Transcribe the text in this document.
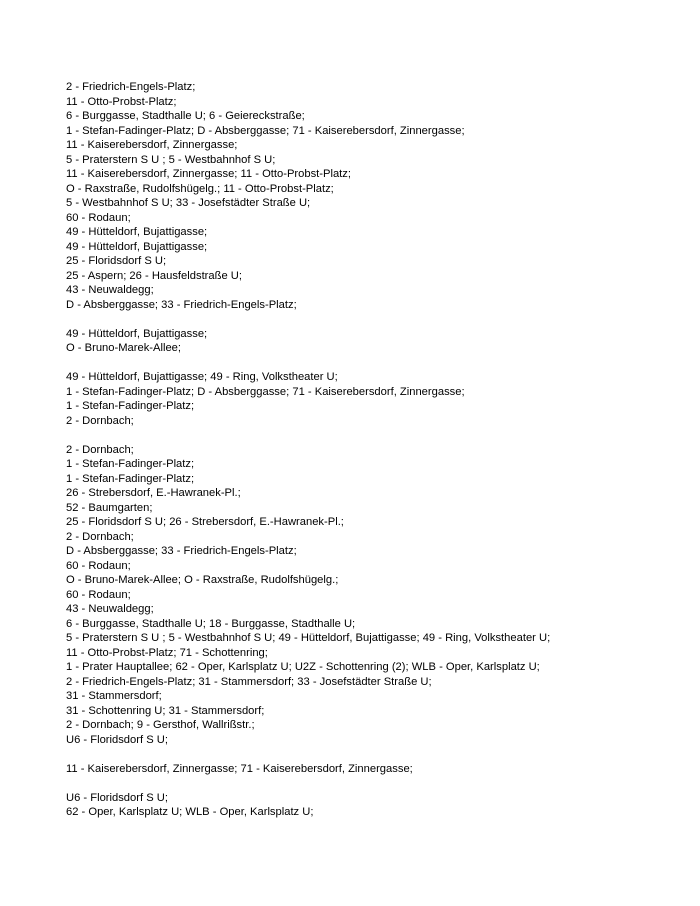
2 - Friedrich-Engels-Platz;
11 - Otto-Probst-Platz;
6 - Burggasse, Stadthalle U; 6 - Geiereckstraße;
1 - Stefan-Fadinger-Platz; D - Absberggasse; 71 - Kaiserebersdorf, Zinnergasse;
11 - Kaiserebersdorf, Zinnergasse;
5 - Praterstern S U ; 5 - Westbahnhof S U;
11 - Kaiserebersdorf, Zinnergasse; 11 - Otto-Probst-Platz;
O - Raxstraße, Rudolfshügelg.; 11 - Otto-Probst-Platz;
5 - Westbahnhof S U; 33 - Josefstädter Straße U;
60 - Rodaun;
49 - Hütteldorf, Bujattigasse;
49 - Hütteldorf, Bujattigasse;
25 - Floridsdorf S U;
25 - Aspern; 26 - Hausfeldstraße U;
43 - Neuwaldegg;
D - Absberggasse; 33 - Friedrich-Engels-Platz;
49 - Hütteldorf, Bujattigasse;
O - Bruno-Marek-Allee;
49 - Hütteldorf, Bujattigasse; 49 - Ring, Volkstheater U;
1 - Stefan-Fadinger-Platz; D - Absberggasse; 71 - Kaiserebersdorf, Zinnergasse;
1 - Stefan-Fadinger-Platz;
2 - Dornbach;
2 - Dornbach;
1 - Stefan-Fadinger-Platz;
1 - Stefan-Fadinger-Platz;
26 - Strebersdorf, E.-Hawranek-Pl.;
52 - Baumgarten;
25 - Floridsdorf S U; 26 - Strebersdorf, E.-Hawranek-Pl.;
2 - Dornbach;
D - Absberggasse; 33 - Friedrich-Engels-Platz;
60 - Rodaun;
O - Bruno-Marek-Allee; O - Raxstraße, Rudolfshügelg.;
60 - Rodaun;
43 - Neuwaldegg;
6 - Burggasse, Stadthalle U; 18 - Burggasse, Stadthalle U;
5 - Praterstern S U ; 5 - Westbahnhof S U; 49 - Hütteldorf, Bujattigasse; 49 - Ring, Volkstheater U;
11 - Otto-Probst-Platz; 71 - Schottenring;
1 - Prater Hauptallee; 62 - Oper, Karlsplatz U; U2Z - Schottenring (2); WLB - Oper, Karlsplatz U;
2 - Friedrich-Engels-Platz; 31 - Stammersdorf; 33 - Josefstädter Straße U;
31 - Stammersdorf;
31 - Schottenring U; 31 - Stammersdorf;
2 - Dornbach; 9 - Gersthof, Wallrißstr.;
U6 - Floridsdorf S U;
11 - Kaiserebersdorf, Zinnergasse; 71 - Kaiserebersdorf, Zinnergasse;
U6 - Floridsdorf S U;
62 - Oper, Karlsplatz U; WLB - Oper, Karlsplatz U;
